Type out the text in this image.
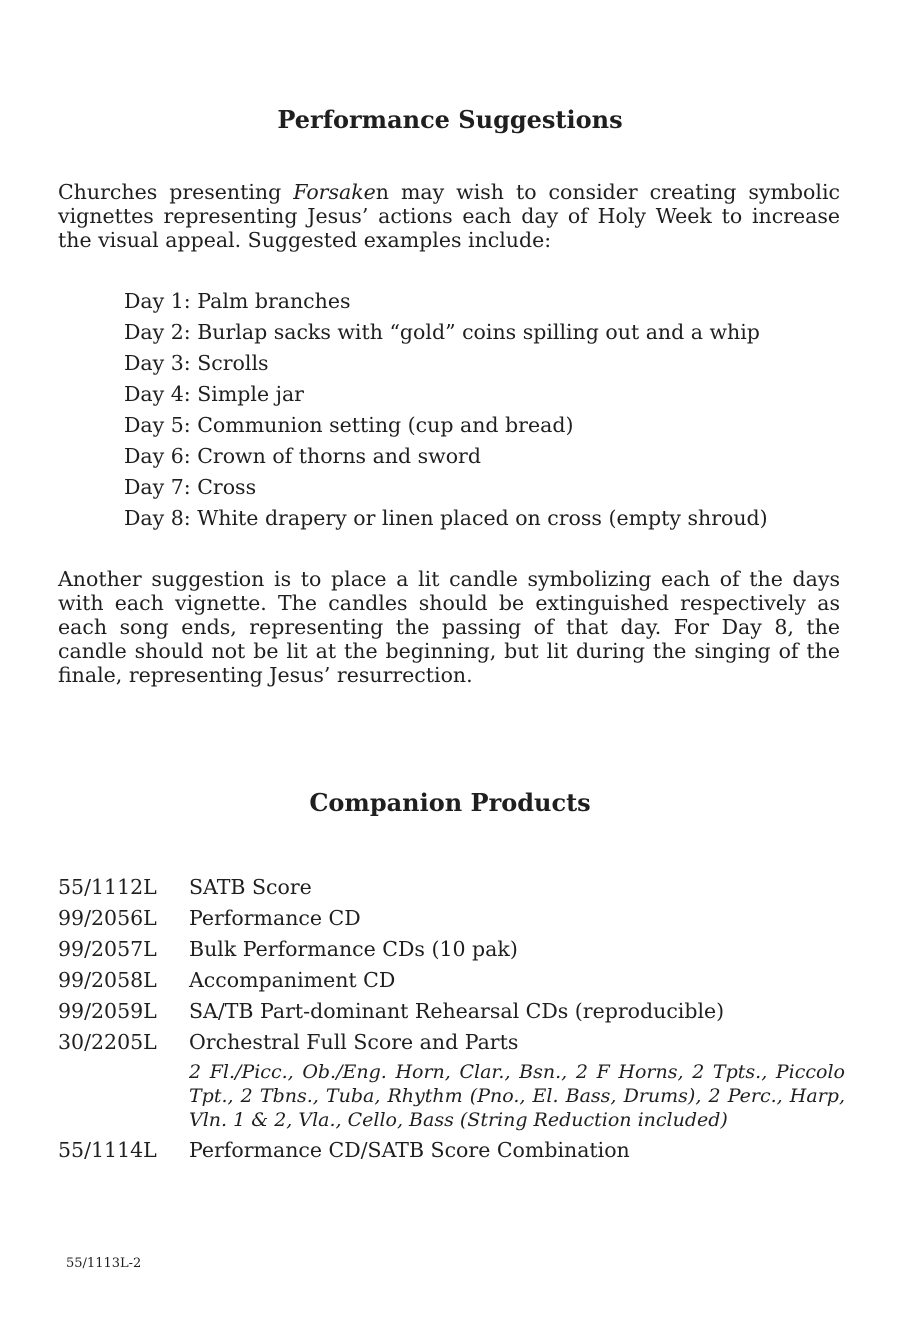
Performance Suggestions

Churches presenting Forsaken may wish to consider creating symbolic vignettes representing Jesus’ actions each day of Holy Week to increase the visual appeal. Suggested examples include:

Day 1: Palm branches
Day 2: Burlap sacks with “gold” coins spilling out and a whip
Day 3: Scrolls
Day 4: Simple jar
Day 5: Communion setting (cup and bread)
Day 6: Crown of thorns and sword
Day 7: Cross
Day 8: White drapery or linen placed on cross (empty shroud)

Another suggestion is to place a lit candle symbolizing each of the days with each vignette. The candles should be extinguished respectively as each song ends, representing the passing of that day. For Day 8, the candle should not be lit at the beginning, but lit during the singing of the finale, representing Jesus’ resurrection.

Companion Products
55/1112L	SATB Score
99/2056L	Performance CD
99/2057L	Bulk Performance CDs (10 pak)
99/2058L	Accompaniment CD
99/2059L	SA/TB Part-dominant Rehearsal CDs (reproducible)
30/2205L	Orchestral Full Score and Parts
2 Fl./Picc., Ob./Eng. Horn, Clar., Bsn., 2 F Horns, 2 Tpts., Piccolo Tpt., 2 Tbns., Tuba, Rhythm (Pno., El. Bass, Drums), 2 Perc., Harp, Vln. 1 & 2, Vla., Cello, Bass (String Reduction included)
55/1114L	Performance CD/SATB Score Combination
55/1113L-2
